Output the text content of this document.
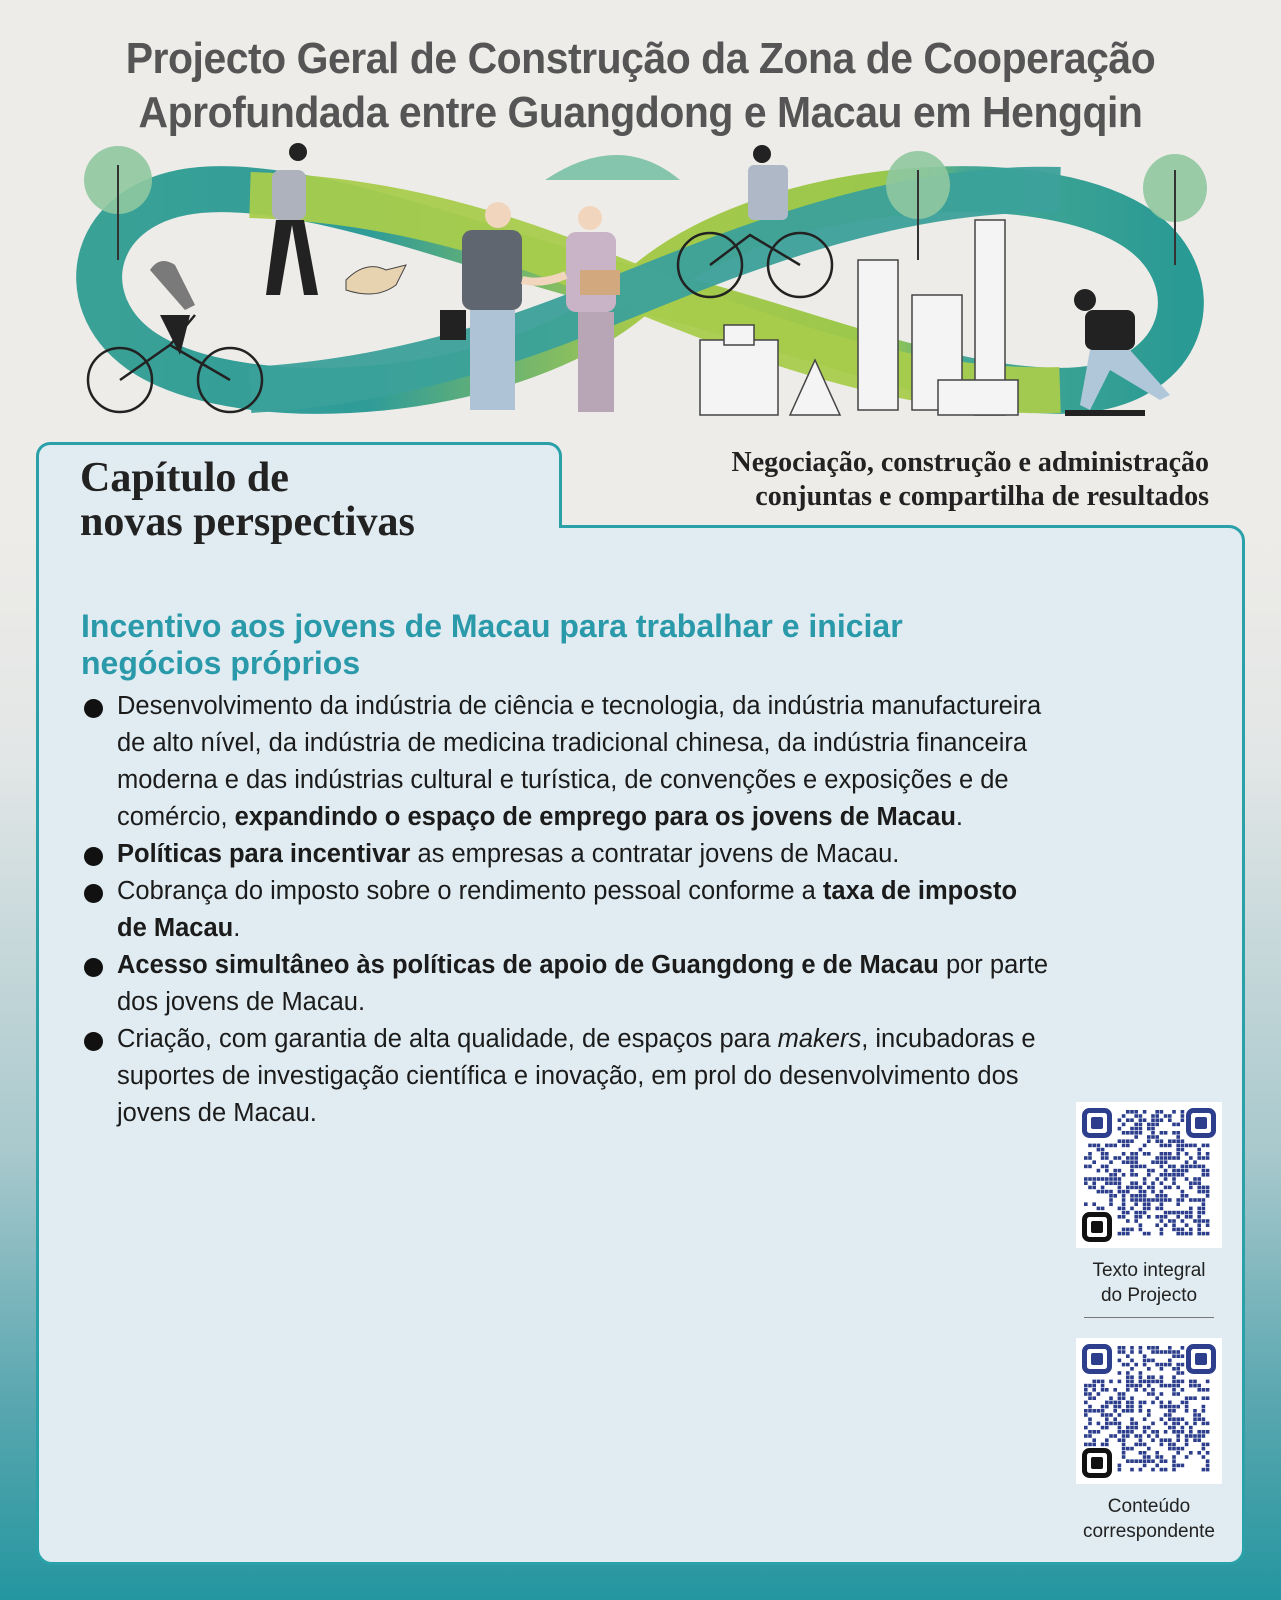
Projecto Geral de Construção da Zona de Cooperação
Aprofundada entre Guangdong e Macau em Hengqin
Capítulo de
novas perspectivas
Negociação, construção e administração
conjuntas e compartilha de resultados
Incentivo aos jovens de Macau para trabalhar e iniciar negócios próprios
Desenvolvimento da indústria de ciência e tecnologia, da indústria manufactureira de alto nível, da indústria de medicina tradicional chinesa, da indústria financeira moderna e das indústrias cultural e turística, de convenções e exposições e de comércio, expandindo o espaço de emprego para os jovens de Macau.
Políticas para incentivar as empresas a contratar jovens de Macau.
Cobrança do imposto sobre o rendimento pessoal conforme a taxa de imposto de Macau.
Acesso simultâneo às políticas de apoio de Guangdong e de Macau por parte dos jovens de Macau.
Criação, com garantia de alta qualidade, de espaços para makers, incubadoras e suportes de investigação científica e inovação, em prol do desenvolvimento dos jovens de Macau.
Texto integral
do Projecto
Conteúdo
correspondente
